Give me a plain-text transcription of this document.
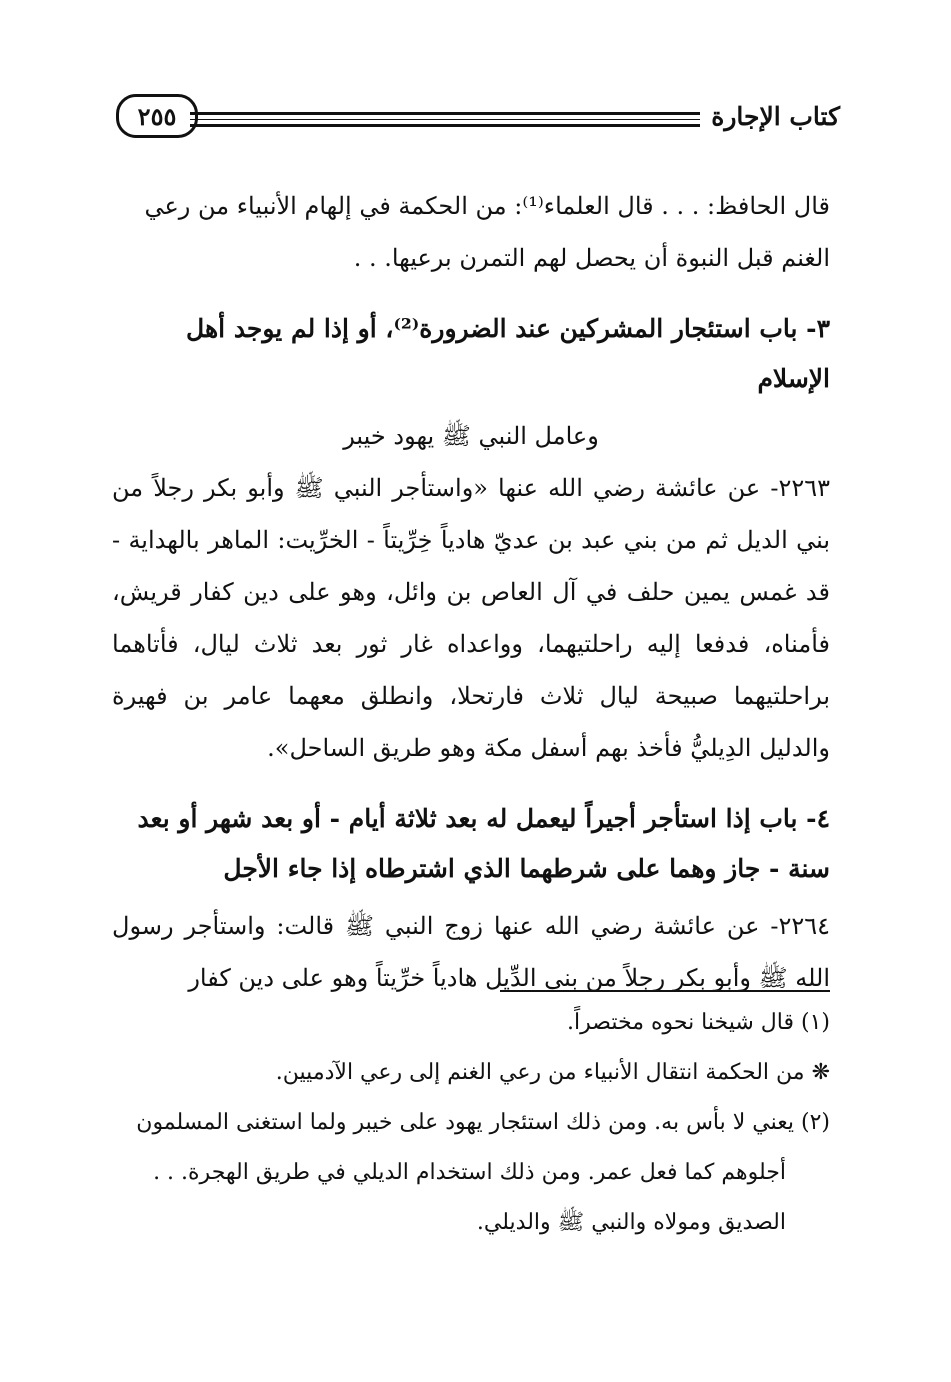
كتاب الإجارة
٢٥٥

قال الحافظ: . . . قال العلماء⁽¹⁾: من الحكمة في إلهام الأنبياء من رعي

الغنم قبل النبوة أن يحصل لهم التمرن برعيها. . .

٣- باب استئجار المشركين عند الضرورة⁽²⁾، أو إذا لم يوجد أهل الإسلام

وعامل النبي ﷺ يهود خيبر

٢٢٦٣- عن عائشة رضي الله عنها «واستأجر النبي ﷺ وأبو بكر رجلاً من بني الديل ثم من بني عبد بن عديّ هادياً خِرِّيتاً - الخرِّيت: الماهر بالهداية - قد غمس يمين حلف في آل العاص بن وائل، وهو على دين كفار قريش، فأمناه، فدفعا إليه راحلتيهما، وواعداه غار ثور بعد ثلاث ليال، فأتاهما براحلتيهما صبيحة ليال ثلاث فارتحلا، وانطلق معهما عامر بن فهيرة والدليل الدِيليُّ فأخذ بهم أسفل مكة وهو طريق الساحل».

٤- باب إذا استأجر أجيراً ليعمل له بعد ثلاثة أيام - أو بعد شهر أو بعد سنة - جاز وهما على شرطهما الذي اشترطاه إذا جاء الأجل

٢٢٦٤- عن عائشة رضي الله عنها زوج النبي ﷺ قالت: واستأجر رسول الله ﷺ وأبو بكر رجلاً من بني الدِّيل هادياً خرِّيتاً وهو على دين كفار

(١) قال شيخنا نحوه مختصراً.

❋ من الحكمة انتقال الأنبياء من رعي الغنم إلى رعي الآدميين.

(٢) يعني لا بأس به. ومن ذلك استئجار يهود على خيبر ولما استغنى المسلمون

أجلوهم كما فعل عمر. ومن ذلك استخدام الديلي في طريق الهجرة. . .

الصديق ومولاه والنبي ﷺ والديلي.
